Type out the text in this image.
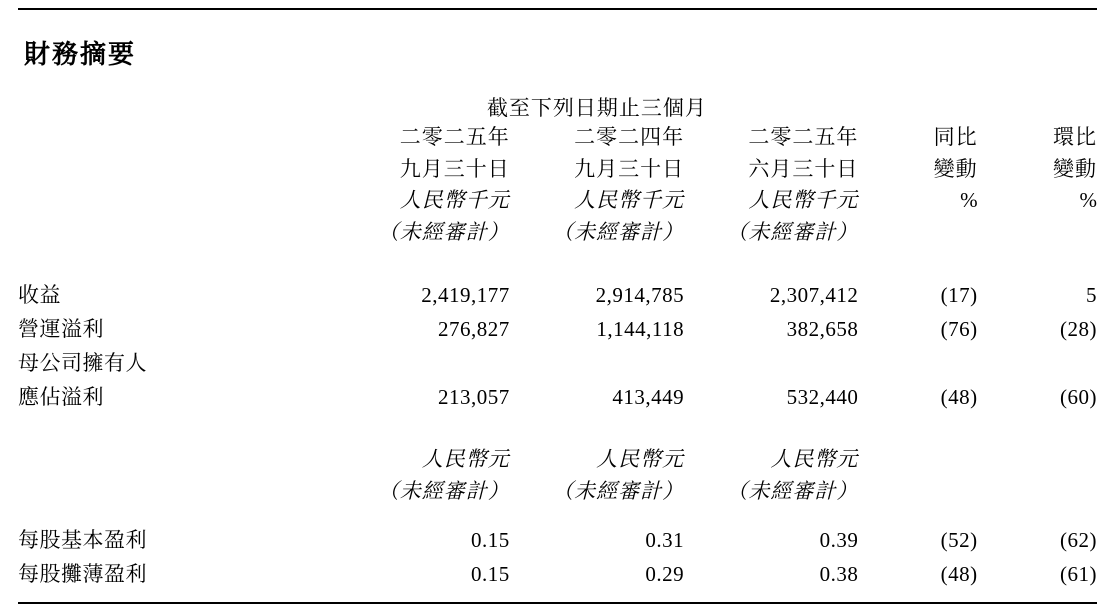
財務摘要
	截至下列日期止三個月				
	二零二五年	二零二四年	二零二五年	同比	環比
	九月三十日	九月三十日	六月三十日	變動	變動
	人民幣千元	人民幣千元	人民幣千元	%	%
	（未經審計）	（未經審計）	（未經審計）		

收益	2,419,177	2,914,785	2,307,412	(17)	5
營運溢利	276,827	1,144,118	382,658	(76)	(28)
母公司擁有人					
應佔溢利	213,057	413,449	532,440	(48)	(60)

	人民幣元	人民幣元	人民幣元		
	（未經審計）	（未經審計）	（未經審計）		

每股基本盈利	0.15	0.31	0.39	(52)	(62)
每股攤薄盈利	0.15	0.29	0.38	(48)	(61)
